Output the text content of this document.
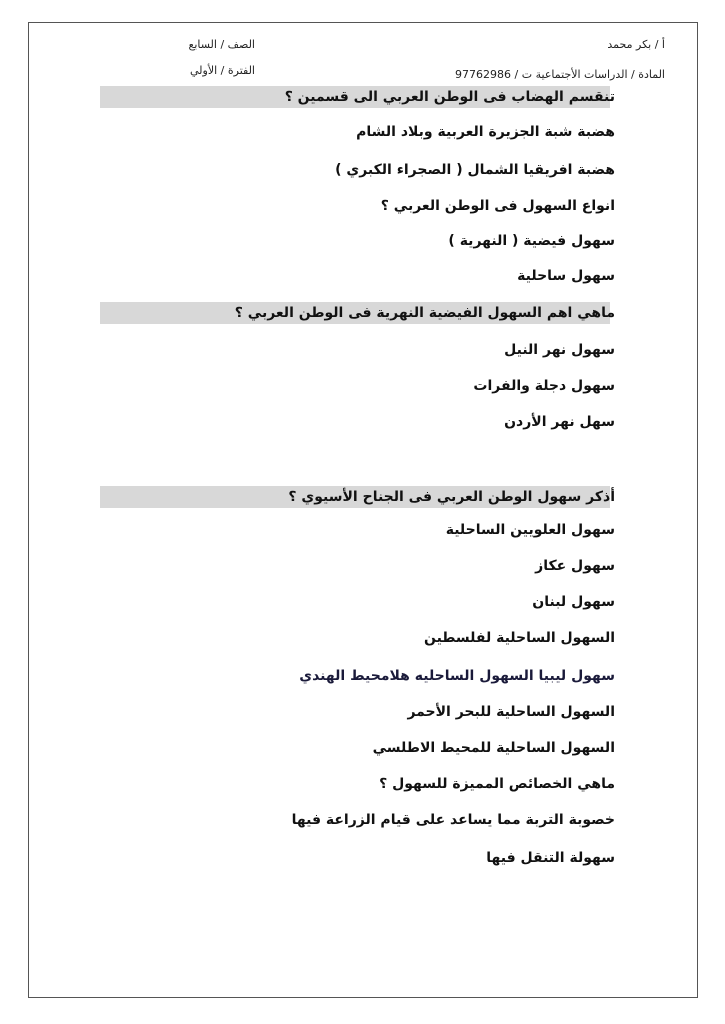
أ / بكر محمد
الصف / السابع
المادة / الدراسات الأجتماعية ت / 97762986
الفترة / الأولي
تنقسم الهضاب فى الوطن العربي الى قسمين ؟
هضبة شبة الجزيرة العربية وبلاد الشام
هضبة افريقيا الشمال ( الصجراء الكبري )
انواع السهول فى الوطن العربي ؟
سهول فيضية ( النهرية )
سهول ساحلية
ماهي اهم السهول الفيضية النهرية فى الوطن العربي ؟
سهول نهر النيل
سهول دجلة والفرات
سهل نهر الأردن
أذكر سهول الوطن العربي فى الجناح الأسيوي ؟
سهول العلويين الساحلية
سهول عكاز
سهول لبنان
السهول الساحلية لفلسطين
سهول ليبيا السهول الساحليه هلامحيط الهندي
السهول الساحلية للبحر الأحمر
السهول الساحلية للمحيط الاطلسي
ماهي الخصائص المميزة للسهول ؟
خصوبة التربة مما يساعد على قيام الزراعة فيها
سهولة التنقل فيها
